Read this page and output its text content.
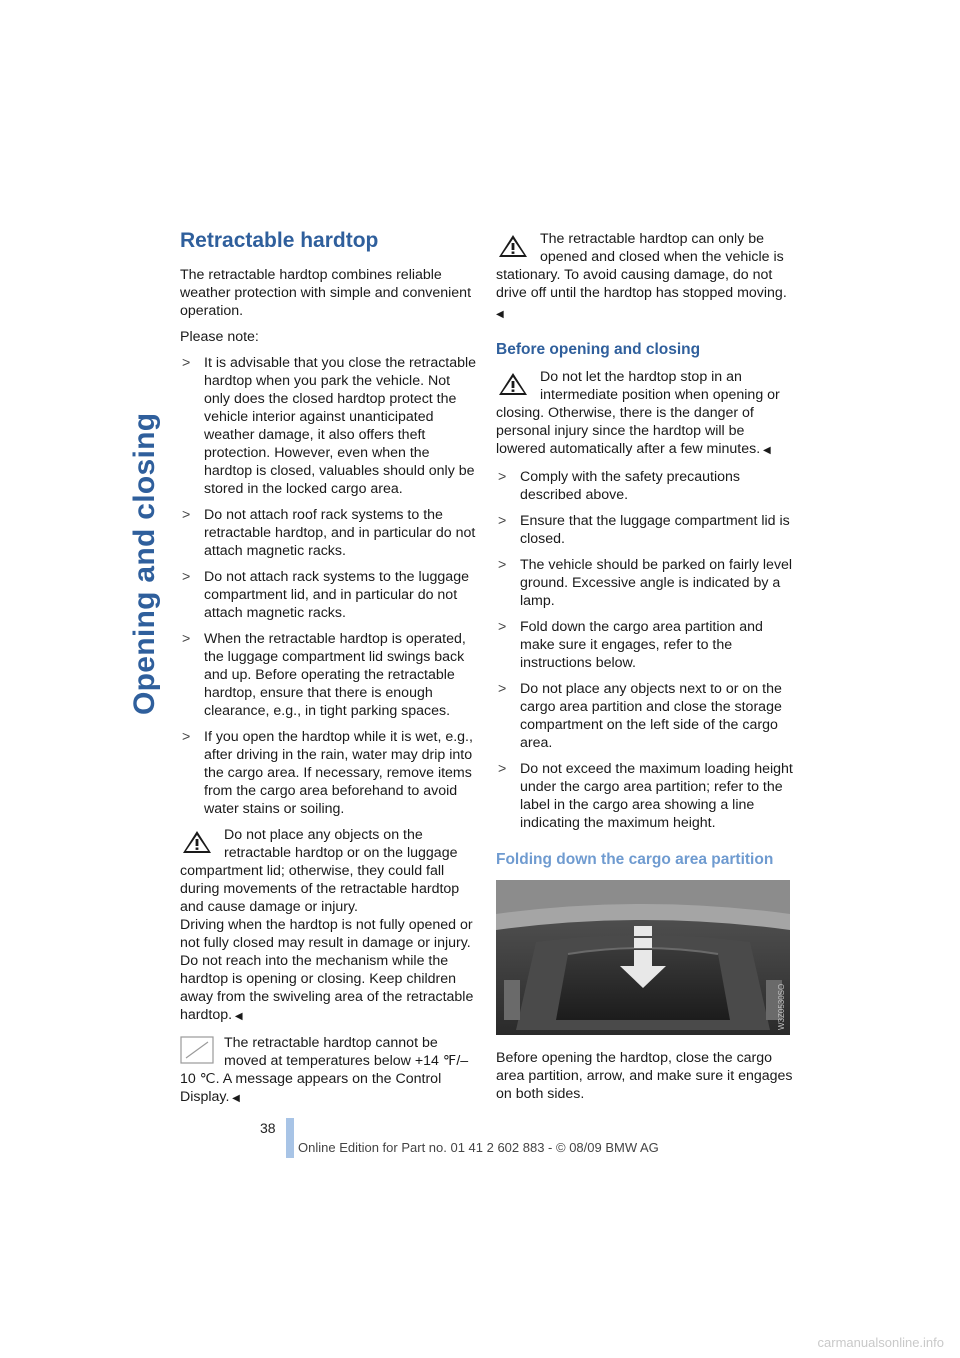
Opening and closing
Retractable hardtop

The retractable hardtop combines reliable weather protection with simple and convenient operation.

Please note:

> It is advisable that you close the retractable hardtop when you park the vehicle. Not only does the closed hardtop protect the vehicle interior against unanticipated weather damage, it also offers theft protection. However, even when the hardtop is closed, valuables should only be stored in the locked cargo area.
> Do not attach roof rack systems to the retractable hardtop, and in particular do not attach magnetic racks.
> Do not attach rack systems to the luggage compartment lid, and in particular do not attach magnetic racks.
> When the retractable hardtop is operated, the luggage compartment lid swings back and up. Before operating the retractable hardtop, ensure that there is enough clearance, e.g., in tight parking spaces.
> If you open the hardtop while it is wet, e.g., after driving in the rain, water may drip into the cargo area. If necessary, remove items from the cargo area beforehand to avoid water stains or soiling.
Do not place any objects on the retractable hardtop or on the luggage compartment lid; otherwise, they could fall during movements of the retractable hardtop and cause damage or injury.
Driving when the hardtop is not fully opened or not fully closed may result in damage or injury.
Do not reach into the mechanism while the hardtop is opening or closing. Keep children away from the swiveling area of the retractable hardtop. ◀
The retractable hardtop cannot be moved at temperatures below +14 ℉/–10 ℃. A message appears on the Control Display. ◀
The retractable hardtop can only be opened and closed when the vehicle is stationary. To avoid causing damage, do not drive off until the hardtop has stopped moving. ◀
Before opening and closing
Do not let the hardtop stop in an intermediate position when opening or closing. Otherwise, there is the danger of personal injury since the hardtop will be lowered automatically after a few minutes. ◀
> Comply with the safety precautions described above.
> Ensure that the luggage compartment lid is closed.
> The vehicle should be parked on fairly level ground. Excessive angle is indicated by a lamp.
> Fold down the cargo area partition and make sure it engages, refer to the instructions below.
> Do not place any objects next to or on the cargo area partition and close the storage compartment on the left side of the cargo area.
> Do not exceed the maximum loading height under the cargo area partition; refer to the label in the cargo area showing a line indicating the maximum height.
Folding down the cargo area partition
W3Z0530SO

Before opening the hardtop, close the cargo area partition, arrow, and make sure it engages on both sides.

38
Online Edition for Part no. 01 41 2 602 883 - © 08/09 BMW AG
carmanualsonline.info
